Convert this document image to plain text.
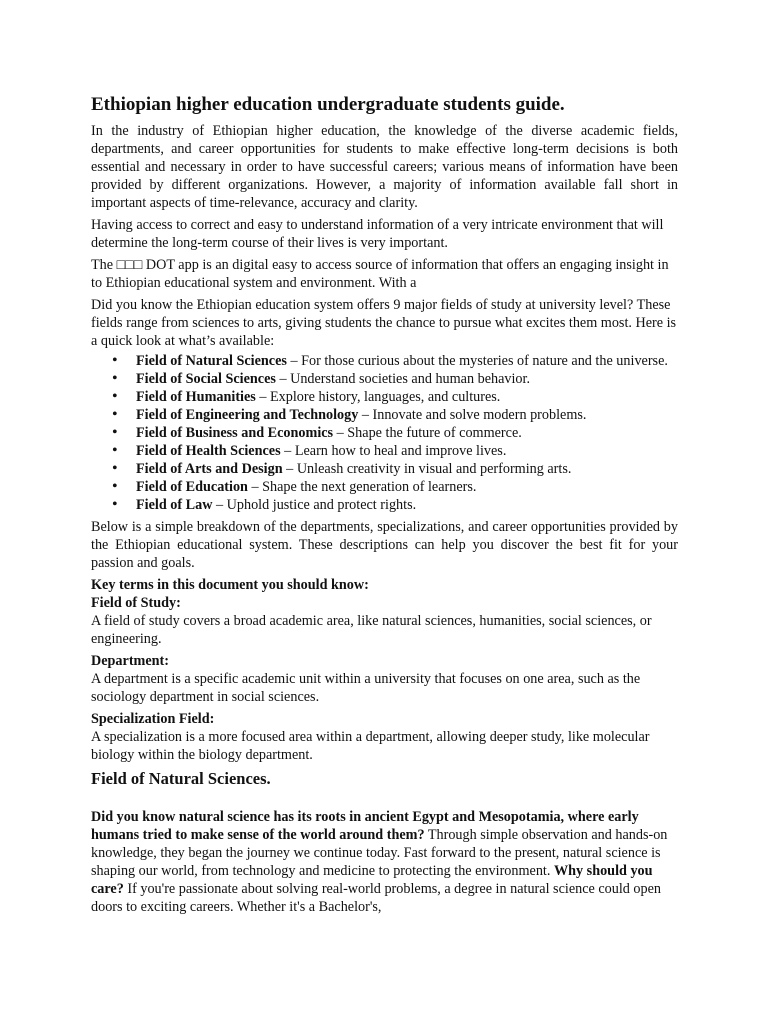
Ethiopian higher education undergraduate students guide.

In the industry of Ethiopian higher education, the knowledge of the diverse academic fields, departments, and career opportunities for students to make effective long-term decisions is both essential and necessary in order to have successful careers; various means of information have been provided by different organizations. However, a majority of information available fall short in important aspects of time-relevance, accuracy and clarity.

Having access to correct and easy to understand information of a very intricate environment that will determine the long-term course of their lives is very important.

The □□□ DOT app is an digital easy to access source of information that offers an engaging insight in to Ethiopian educational system and environment. With a

Did you know the Ethiopian education system offers 9 major fields of study at university level? These fields range from sciences to arts, giving students the chance to pursue what excites them most. Here is a quick look at what’s available:

• Field of Natural Sciences – For those curious about the mysteries of nature and the universe.
• Field of Social Sciences – Understand societies and human behavior.
• Field of Humanities – Explore history, languages, and cultures.
• Field of Engineering and Technology – Innovate and solve modern problems.
• Field of Business and Economics – Shape the future of commerce.
• Field of Health Sciences – Learn how to heal and improve lives.
• Field of Arts and Design – Unleash creativity in visual and performing arts.
• Field of Education – Shape the next generation of learners.
• Field of Law – Uphold justice and protect rights.

Below is a simple breakdown of the departments, specializations, and career opportunities provided by the Ethiopian educational system. These descriptions can help you discover the best fit for your passion and goals.

Key terms in this document you should know:

Field of Study:

A field of study covers a broad academic area, like natural sciences, humanities, social sciences, or engineering.

Department:

A department is a specific academic unit within a university that focuses on one area, such as the sociology department in social sciences.

Specialization Field:

A specialization is a more focused area within a department, allowing deeper study, like molecular biology within the biology department.

Field of Natural Sciences.

Did you know natural science has its roots in ancient Egypt and Mesopotamia, where early humans tried to make sense of the world around them? Through simple observation and hands-on knowledge, they began the journey we continue today. Fast forward to the present, natural science is shaping our world, from technology and medicine to protecting the environment. Why should you care? If you're passionate about solving real-world problems, a degree in natural science could open doors to exciting careers. Whether it's a Bachelor's,
